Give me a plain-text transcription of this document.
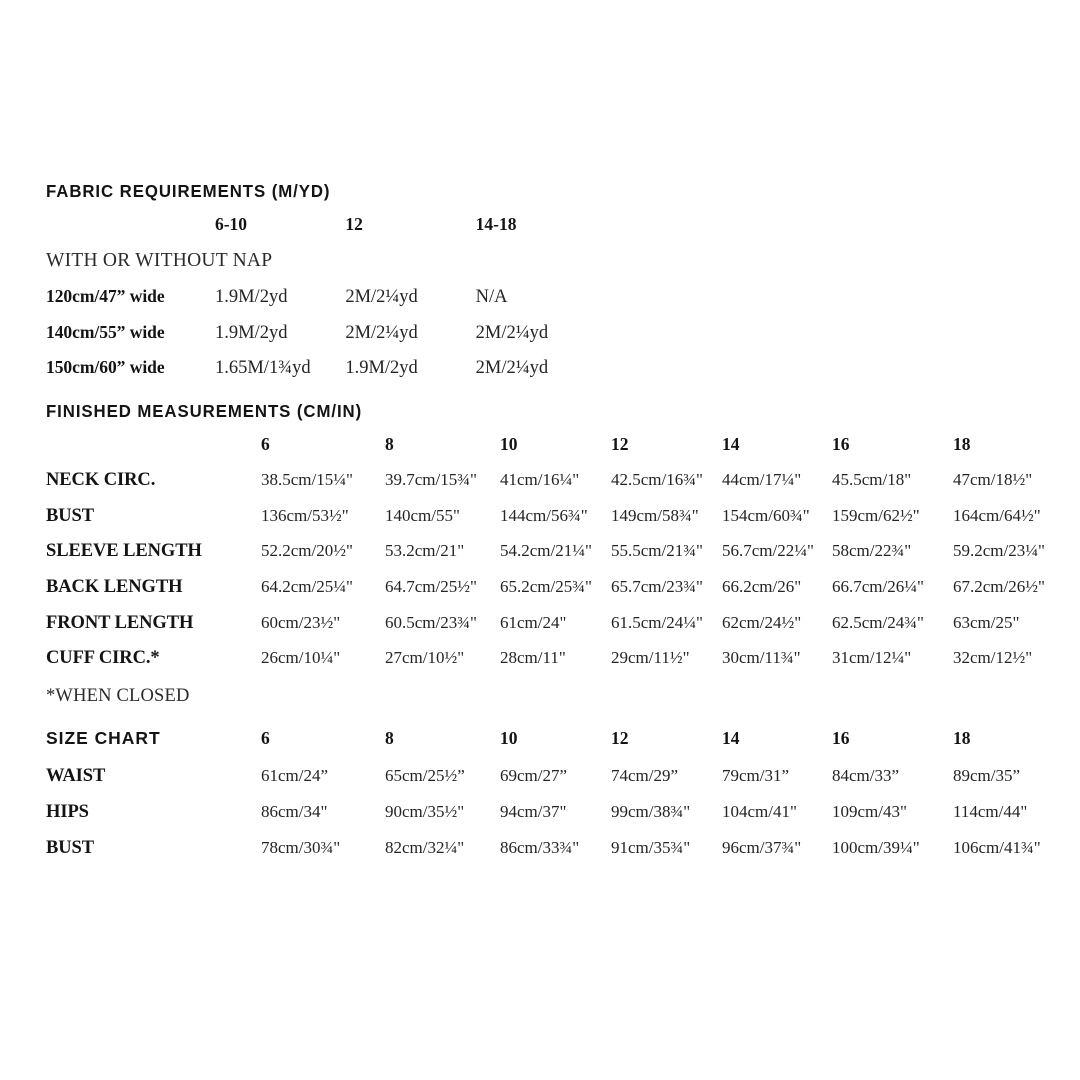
FABRIC REQUIREMENTS (M/YD)
	6-10	12	14-18
WITH OR WITHOUT NAP			
120cm/47” wide	1.9M/2yd	2M/2¼yd	N/A
140cm/55” wide	1.9M/2yd	2M/2¼yd	2M/2¼yd
150cm/60” wide	1.65M/1¾yd	1.9M/2yd	2M/2¼yd
FINISHED MEASUREMENTS (CM/IN)
	6	8	10	12	14	16	18
NECK CIRC.	38.5cm/15¼"	39.7cm/15¾"	41cm/16¼"	42.5cm/16¾"	44cm/17¼"	45.5cm/18"	47cm/18½"
BUST	136cm/53½"	140cm/55"	144cm/56¾"	149cm/58¾"	154cm/60¾"	159cm/62½"	164cm/64½"
SLEEVE LENGTH	52.2cm/20½"	53.2cm/21"	54.2cm/21¼"	55.5cm/21¾"	56.7cm/22¼"	58cm/22¾"	59.2cm/23¼"
BACK LENGTH	64.2cm/25¼"	64.7cm/25½"	65.2cm/25¾"	65.7cm/23¾"	66.2cm/26"	66.7cm/26¼"	67.2cm/26½"
FRONT LENGTH	60cm/23½"	60.5cm/23¾"	61cm/24"	61.5cm/24¼"	62cm/24½"	62.5cm/24¾"	63cm/25"
CUFF CIRC.*	26cm/10¼"	27cm/10½"	28cm/11"	29cm/11½"	30cm/11¾"	31cm/12¼"	32cm/12½"
*WHEN CLOSED
SIZE CHART	6	8	10	12	14	16	18
WAIST	61cm/24”	65cm/25½”	69cm/27”	74cm/29”	79cm/31”	84cm/33”	89cm/35”
HIPS	86cm/34"	90cm/35½"	94cm/37"	99cm/38¾"	104cm/41"	109cm/43"	114cm/44"
BUST	78cm/30¾"	82cm/32¼"	86cm/33¾"	91cm/35¾"	96cm/37¾"	100cm/39¼"	106cm/41¾"
